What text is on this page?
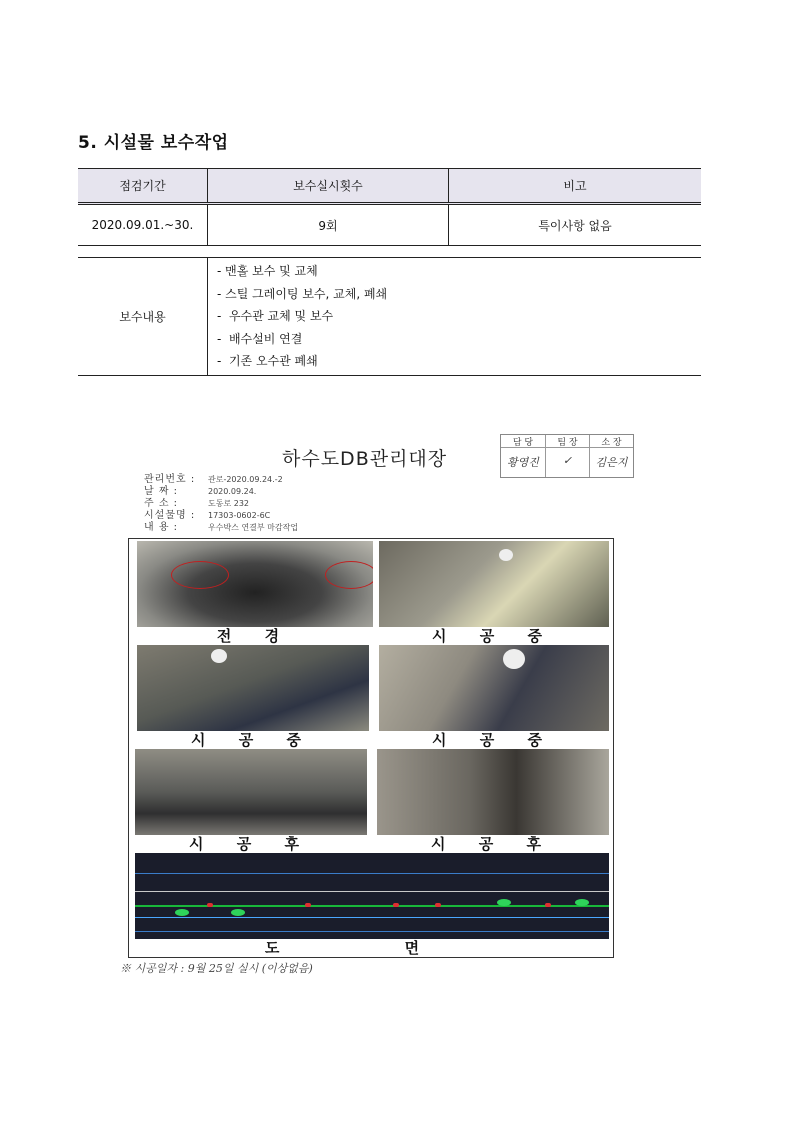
5. 시설물 보수작업
점검기간	보수실시횟수	비고
2020.09.01.~30.	9회	특이사항 없음
보수내용	
- 맨홀 보수 및 교체
- 스틸 그레이팅 보수, 교체, 폐쇄
-  우수관 교체 및 보수
-  배수설비 연결
-  기존 오수관 폐쇄
하수도DB관리대장
담 당	팀 장	소 장
황영진	✓	김은지
관리번호 :	관로-2020.09.24.-2
날 짜 :	2020.09.24.
주 소 :	도동로 232
시설물명 :	17303-0602-6C
내 용 :	우수박스 연결부 마감작업
전 경	시 공 중
시 공 중	시 공 중
시 공 후	시 공 후
도 면
※ 시공일자 : 9월 25일 실시 (이상없음)
